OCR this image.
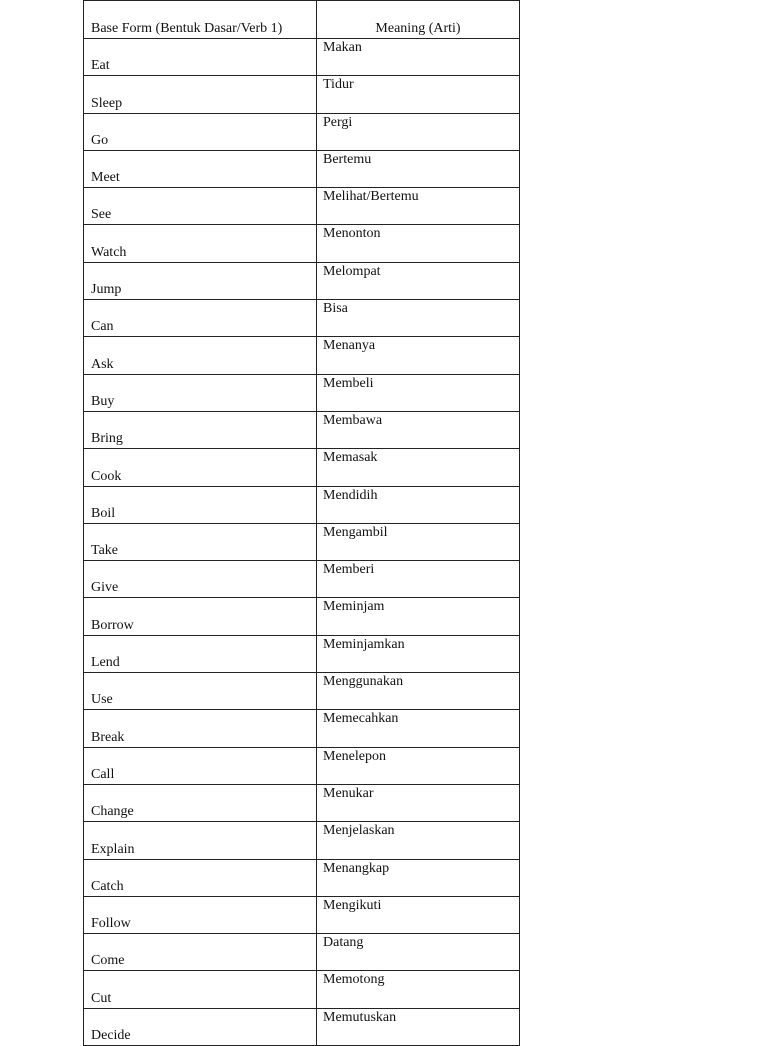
Base Form (Bentuk Dasar/Verb 1)	Meaning (Arti)
Eat	Makan
Sleep	Tidur
Go	Pergi
Meet	Bertemu
See	Melihat/Bertemu
Watch	Menonton
Jump	Melompat
Can	Bisa
Ask	Menanya
Buy	Membeli
Bring	Membawa
Cook	Memasak
Boil	Mendidih
Take	Mengambil
Give	Memberi
Borrow	Meminjam
Lend	Meminjamkan
Use	Menggunakan
Break	Memecahkan
Call	Menelepon
Change	Menukar
Explain	Menjelaskan
Catch	Menangkap
Follow	Mengikuti
Come	Datang
Cut	Memotong
Decide	Memutuskan
